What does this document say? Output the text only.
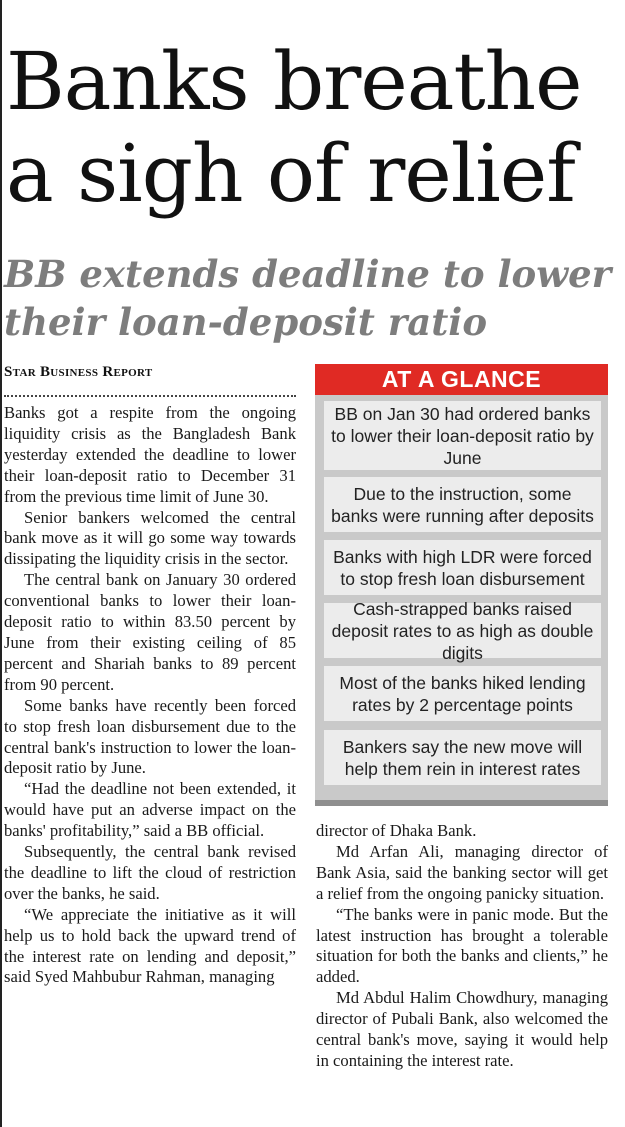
Banks breathe a sigh of relief
BB extends deadline to lower their loan-deposit ratio
Star Business Report

Banks got a respite from the ongoing liquidity crisis as the Bangladesh Bank yesterday extended the deadline to lower their loan-deposit ratio to December 31 from the previous time limit of June 30.

Senior bankers welcomed the central bank move as it will go some way towards dissipating the liquidity crisis in the sector.

The central bank on January 30 ordered conventional banks to lower their loan-deposit ratio to within 83.50 percent by June from their existing ceiling of 85 percent and Shariah banks to 89 percent from 90 percent.

Some banks have recently been forced to stop fresh loan disbursement due to the central bank's instruction to lower the loan-deposit ratio by June.

“Had the deadline not been extended, it would have put an adverse impact on the banks' profitability,” said a BB official.

Subsequently, the central bank revised the deadline to lift the cloud of restriction over the banks, he said.

“We appreciate the initiative as it will help us to hold back the upward trend of the interest rate on lending and deposit,” said Syed Mahbubur Rahman, managing

AT A GLANCE
BB on Jan 30 had ordered banks to lower their loan-deposit ratio by June
Due to the instruction, some banks were running after deposits
Banks with high LDR were forced to stop fresh loan disbursement
Cash-strapped banks raised deposit rates to as high as double digits
Most of the banks hiked lending rates by 2 percentage points
Bankers say the new move will help them rein in interest rates

director of Dhaka Bank.

Md Arfan Ali, managing director of Bank Asia, said the banking sector will get a relief from the ongoing panicky situation.

“The banks were in panic mode. But the latest instruction has brought a tolerable situation for both the banks and clients,” he added.

Md Abdul Halim Chowdhury, managing director of Pubali Bank, also welcomed the central bank's move, saying it would help in containing the interest rate.
